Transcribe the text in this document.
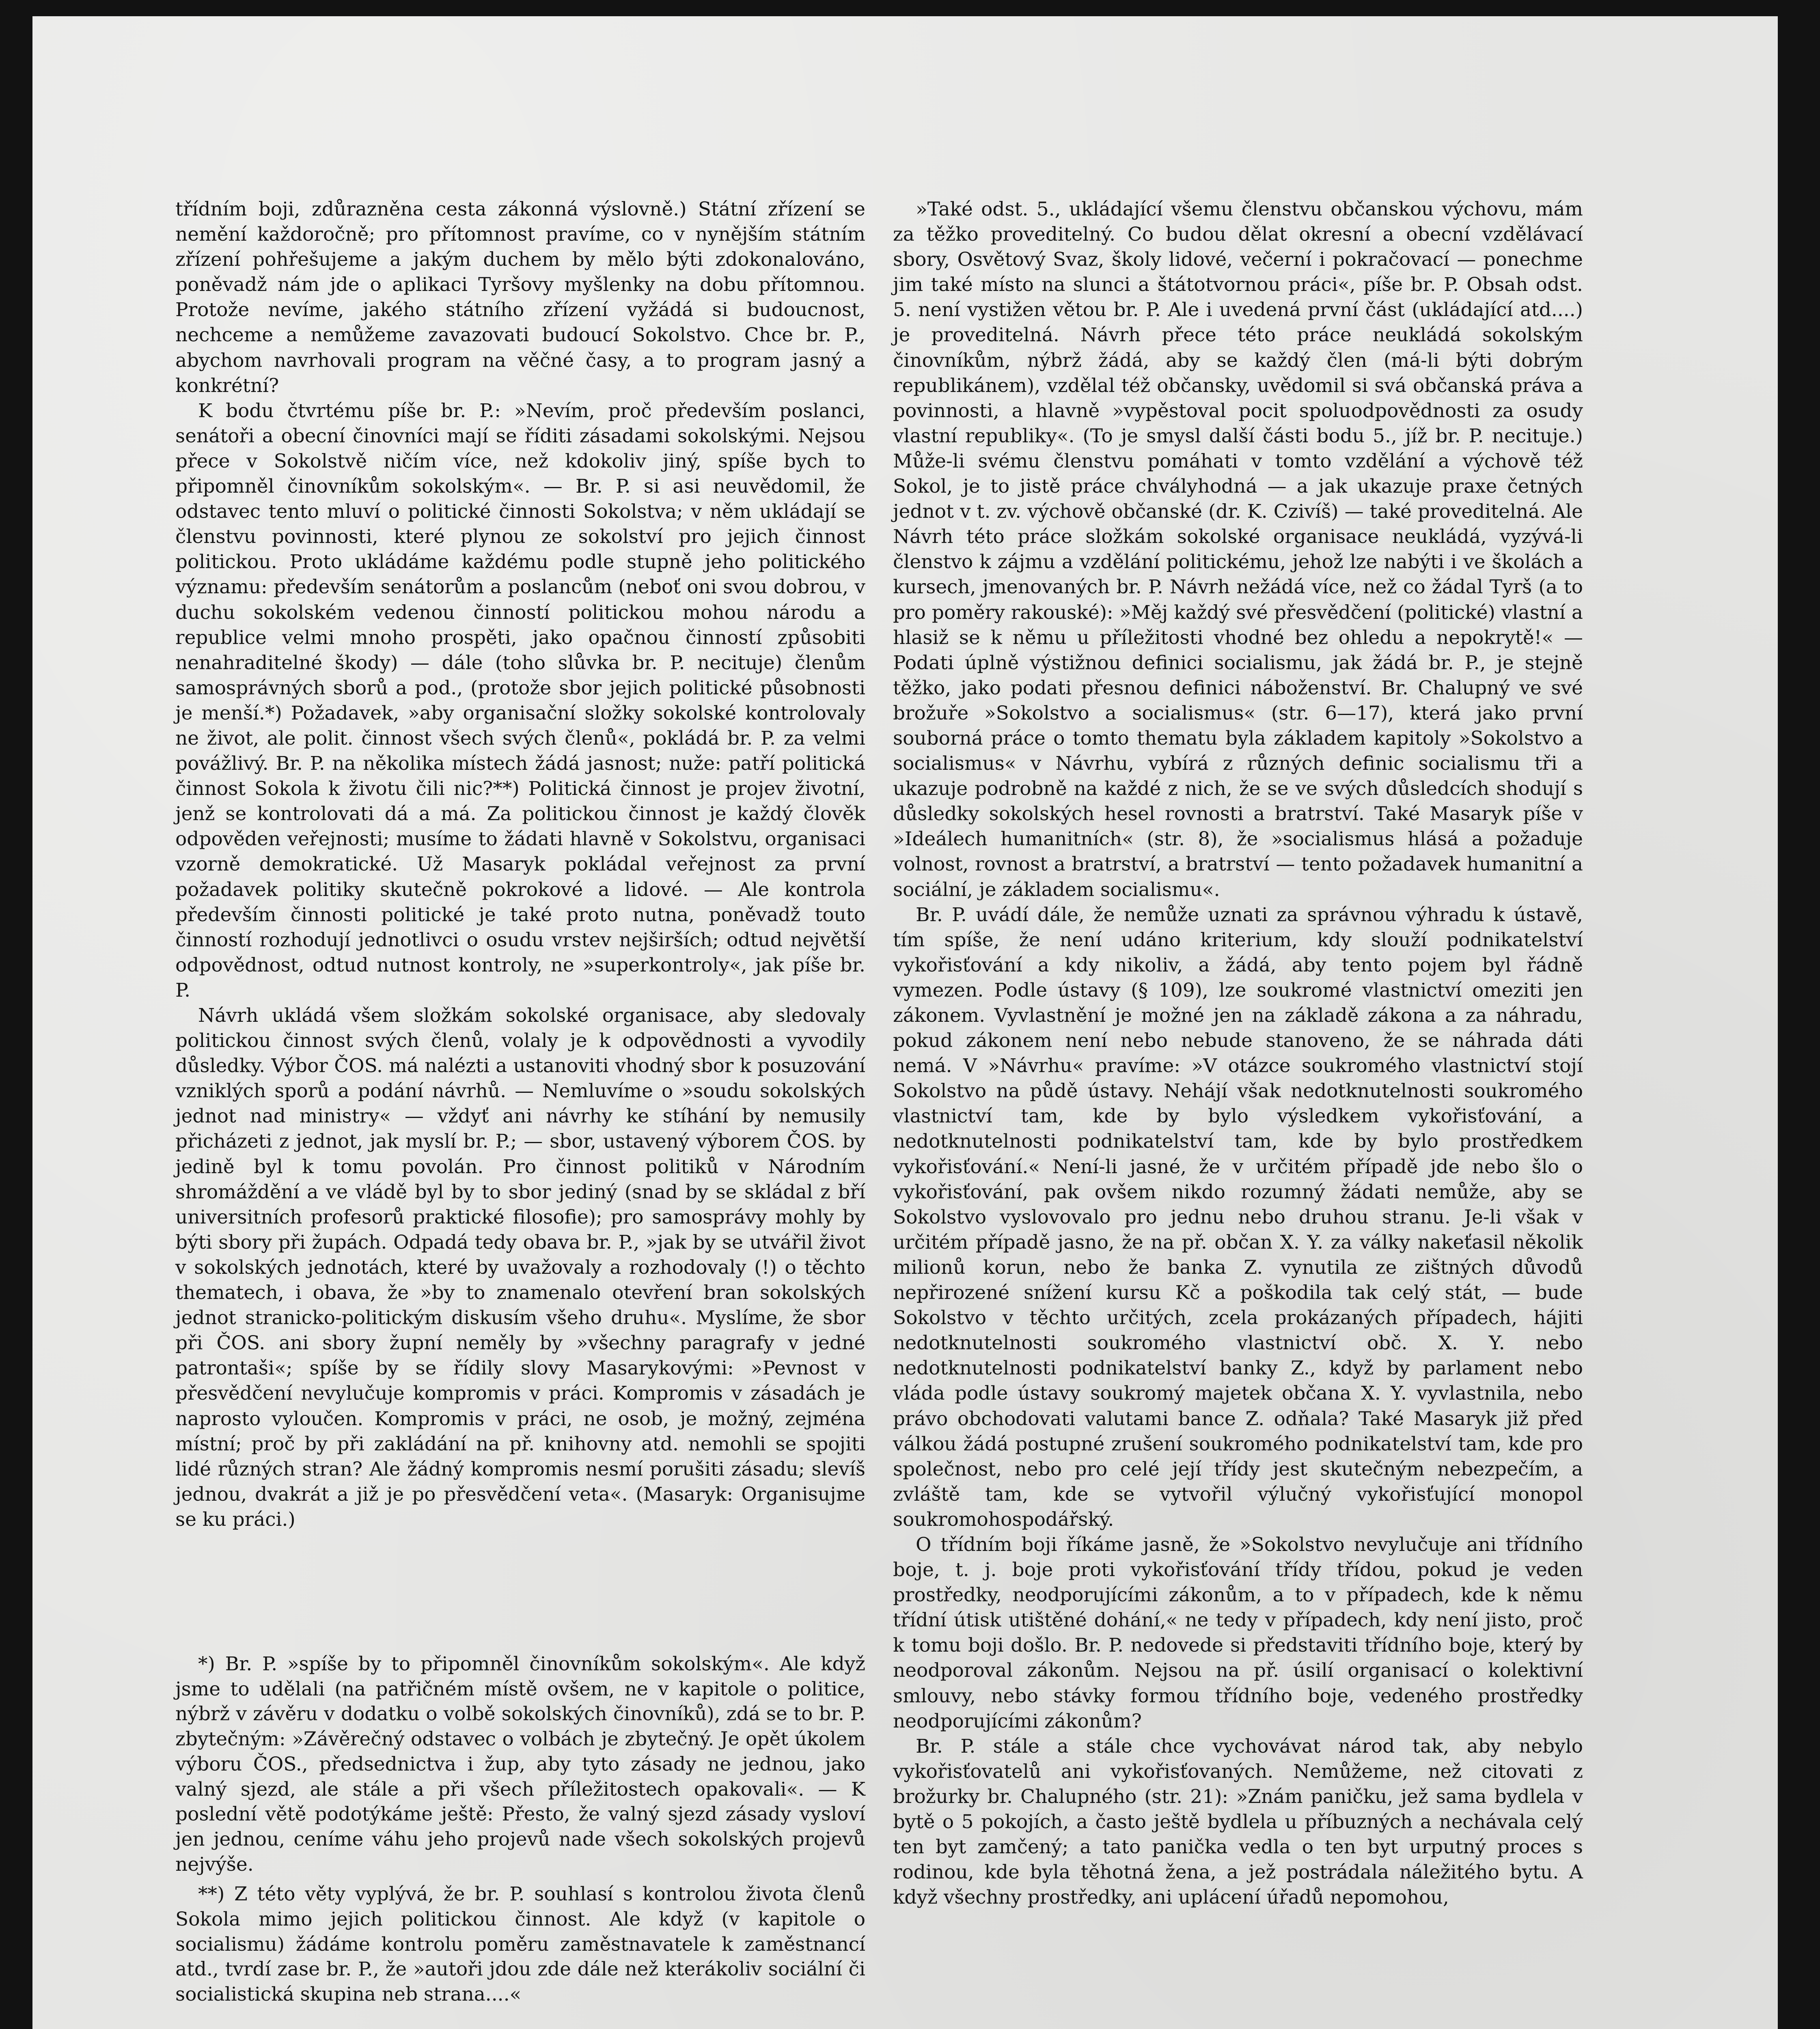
třídním boji, zdůrazněna cesta zákonná výslovně.) Státní zřízení se nemění každoročně; pro přítomnost pravíme, co v nynějším státním zřízení pohřešujeme a jakým duchem by mělo býti zdokonalováno, poněvadž nám jde o aplikaci Tyršovy myšlenky na dobu přítomnou. Protože nevíme, jakého státního zřízení vyžádá si budoucnost, nechceme a nemůžeme zavazovati budoucí Sokolstvo. Chce br. P., abychom navrhovali program na věčné časy, a to program jasný a konkrétní?

K bodu čtvrtému píše br. P.: »Nevím, proč především poslanci, senátoři a obecní činovníci mají se říditi zásadami sokolskými. Nejsou přece v Sokolstvě ničím více, než kdokoliv jiný, spíše bych to připomněl činovníkům sokolským«. — Br. P. si asi neuvědomil, že odstavec tento mluví o politické činnosti Sokolstva; v něm ukládají se členstvu povinnosti, které plynou ze sokolství pro jejich činnost politickou. Proto ukládáme každému podle stupně jeho politického významu: především senátorům a poslancům (neboť oni svou dobrou, v duchu sokolském vedenou činností politickou mohou národu a republice velmi mnoho prospěti, jako opačnou činností způsobiti nenahraditelné škody) — dále (toho slůvka br. P. necituje) členům samosprávných sborů a pod., (protože sbor jejich politické působnosti je menší.*) Požadavek, »aby organisační složky sokolské kontrolovaly ne život, ale polit. činnost všech svých členů«, pokládá br. P. za velmi povážlivý. Br. P. na několika místech žádá jasnost; nuže: patří politická činnost Sokola k životu čili nic?**) Politická činnost je projev životní, jenž se kontrolovati dá a má. Za politickou činnost je každý člověk odpověden veřejnosti; musíme to žádati hlavně v Sokolstvu, organisaci vzorně demokratické. Už Masaryk pokládal veřejnost za první požadavek politiky skutečně pokrokové a lidové. — Ale kontrola především činnosti politické je také proto nutna, poněvadž touto činností rozhodují jednotlivci o osudu vrstev nejširších; odtud největší odpovědnost, odtud nutnost kontroly, ne »superkontroly«, jak píše br. P.

Návrh ukládá všem složkám sokolské organisace, aby sledovaly politickou činnost svých členů, volaly je k odpovědnosti a vyvodily důsledky. Výbor ČOS. má nalézti a ustanoviti vhodný sbor k posuzování vzniklých sporů a podání návrhů. — Nemluvíme o »soudu sokolských jednot nad ministry« — vždyť ani návrhy ke stíhání by nemusily přicházeti z jednot, jak myslí br. P.; — sbor, ustavený výborem ČOS. by jedině byl k tomu povolán. Pro činnost politiků v Národním shromáždění a ve vládě byl by to sbor jediný (snad by se skládal z bří universitních profesorů praktické filosofie); pro samosprávy mohly by býti sbory při župách. Odpadá tedy obava br. P., »jak by se utvářil život v sokolských jednotách, které by uvažovaly a rozhodovaly (!) o těchto thematech, i obava, že »by to znamenalo otevření bran sokolských jednot stranicko-politickým diskusím všeho druhu«. Myslíme, že sbor při ČOS. ani sbory župní neměly by »všechny paragrafy v jedné patrontaši«; spíše by se řídily slovy Masarykovými: »Pevnost v přesvědčení nevylučuje kompromis v práci. Kompromis v zásadách je naprosto vyloučen. Kompromis v práci, ne osob, je možný, zejména místní; proč by při zakládání na př. knihovny atd. nemohli se spojiti lidé různých stran? Ale žádný kompromis nesmí porušiti zásadu; slevíš jednou, dvakrát a již je po přesvědčení veta«. (Masaryk: Organisujme se ku práci.)

*) Br. P. »spíše by to připomněl činovníkům sokolským«. Ale když jsme to udělali (na patřičném místě ovšem, ne v kapitole o politice, nýbrž v závěru v dodatku o volbě sokolských činovníků), zdá se to br. P. zbytečným: »Závěrečný odstavec o volbách je zbytečný. Je opět úkolem výboru ČOS., předsednictva i žup, aby tyto zásady ne jednou, jako valný sjezd, ale stále a při všech příležitostech opakovali«. — K poslední větě podotýkáme ještě: Přesto, že valný sjezd zásady vysloví jen jednou, ceníme váhu jeho projevů nade všech sokolských projevů nejvýše.

**) Z této věty vyplývá, že br. P. souhlasí s kontrolou života členů Sokola mimo jejich politickou činnost. Ale když (v kapitole o socialismu) žádáme kontrolu poměru zaměstnavatele k zaměstnancí atd., tvrdí zase br. P., že »autoři jdou zde dále než kterákoliv sociální či socialistická skupina neb strana....«

»Také odst. 5., ukládající všemu členstvu občanskou výchovu, mám za těžko proveditelný. Co budou dělat okresní a obecní vzdělávací sbory, Osvětový Svaz, školy lidové, večerní i pokračovací — ponechme jim také místo na slunci a štátotvornou práci«, píše br. P. Obsah odst. 5. není vystižen větou br. P. Ale i uvedená první část (ukládající atd....) je proveditelná. Návrh přece této práce neukládá sokolským činovníkům, nýbrž žádá, aby se každý člen (má-li býti dobrým republikánem), vzdělal též občansky, uvědomil si svá občanská práva a povinnosti, a hlavně »vypěstoval pocit spoluodpovědnosti za osudy vlastní republiky«. (To je smysl další části bodu 5., jíž br. P. necituje.) Může-li svému členstvu pomáhati v tomto vzdělání a výchově též Sokol, je to jistě práce chvályhodná — a jak ukazuje praxe četných jednot v t. zv. výchově občanské (dr. K. Czivíš) — také proveditelná. Ale Návrh této práce složkám sokolské organisace neukládá, vyzývá-li členstvo k zájmu a vzdělání politickému, jehož lze nabýti i ve školách a kursech, jmenovaných br. P. Návrh nežádá více, než co žádal Tyrš (a to pro poměry rakouské): »Měj každý své přesvědčení (politické) vlastní a hlasiž se k němu u příležitosti vhodné bez ohledu a nepokrytě!« — Podati úplně výstižnou definici socialismu, jak žádá br. P., je stejně těžko, jako podati přesnou definici náboženství. Br. Chalupný ve své brožuře »Sokolstvo a socialismus« (str. 6—17), která jako první souborná práce o tomto thematu byla základem kapitoly »Sokolstvo a socialismus« v Návrhu, vybírá z různých definic socialismu tři a ukazuje podrobně na každé z nich, že se ve svých důsledcích shodují s důsledky sokolských hesel rovnosti a bratrství. Také Masaryk píše v »Ideálech humanitních« (str. 8), že »socialismus hlásá a požaduje volnost, rovnost a bratrství, a bratrství — tento požadavek humanitní a sociální, je základem socialismu«.

Br. P. uvádí dále, že nemůže uznati za správnou výhradu k ústavě, tím spíše, že není udáno kriterium, kdy slouží podnikatelství vykořisťování a kdy nikoliv, a žádá, aby tento pojem byl řádně vymezen. Podle ústavy (§ 109), lze soukromé vlastnictví omeziti jen zákonem. Vyvlastnění je možné jen na základě zákona a za náhradu, pokud zákonem není nebo nebude stanoveno, že se náhrada dáti nemá. V »Návrhu« pravíme: »V otázce soukromého vlastnictví stojí Sokolstvo na půdě ústavy. Nehájí však nedotknutelnosti soukromého vlastnictví tam, kde by bylo výsledkem vykořisťování, a nedotknutelnosti podnikatelství tam, kde by bylo prostředkem vykořisťování.« Není-li jasné, že v určitém případě jde nebo šlo o vykořisťování, pak ovšem nikdo rozumný žádati nemůže, aby se Sokolstvo vyslovovalo pro jednu nebo druhou stranu. Je-li však v určitém případě jasno, že na př. občan X. Y. za války nakeťasil několik milionů korun, nebo že banka Z. vynutila ze zištných důvodů nepřirozené snížení kursu Kč a poškodila tak celý stát, — bude Sokolstvo v těchto určitých, zcela prokázaných případech, hájiti nedotknutelnosti soukromého vlastnictví obč. X. Y. nebo nedotknutelnosti podnikatelství banky Z., když by parlament nebo vláda podle ústavy soukromý majetek občana X. Y. vyvlastnila, nebo právo obchodovati valutami bance Z. odňala? Také Masaryk již před válkou žádá postupné zrušení soukromého podnikatelství tam, kde pro společnost, nebo pro celé její třídy jest skutečným nebezpečím, a zvláště tam, kde se vytvořil výlučný vykořisťující monopol soukromohospodářský.

O třídním boji říkáme jasně, že »Sokolstvo nevylučuje ani třídního boje, t. j. boje proti vykořisťování třídy třídou, pokud je veden prostředky, neodporujícími zákonům, a to v případech, kde k němu třídní útisk utištěné dohání,« ne tedy v případech, kdy není jisto, proč k tomu boji došlo. Br. P. nedovede si představiti třídního boje, který by neodporoval zákonům. Nejsou na př. úsilí organisací o kolektivní smlouvy, nebo stávky formou třídního boje, vedeného prostředky neodporujícími zákonům?

Br. P. stále a stále chce vychovávat národ tak, aby nebylo vykořisťovatelů ani vykořisťovaných. Nemůžeme, než citovati z brožurky br. Chalupného (str. 21): »Znám paničku, jež sama bydlela v bytě o 5 pokojích, a často ještě bydlela u příbuzných a nechávala celý ten byt zamčený; a tato panička vedla o ten byt urputný proces s rodinou, kde byla těhotná žena, a jež postrádala náležitého bytu. A když všechny prostředky, ani uplácení úřadů nepomohou,
